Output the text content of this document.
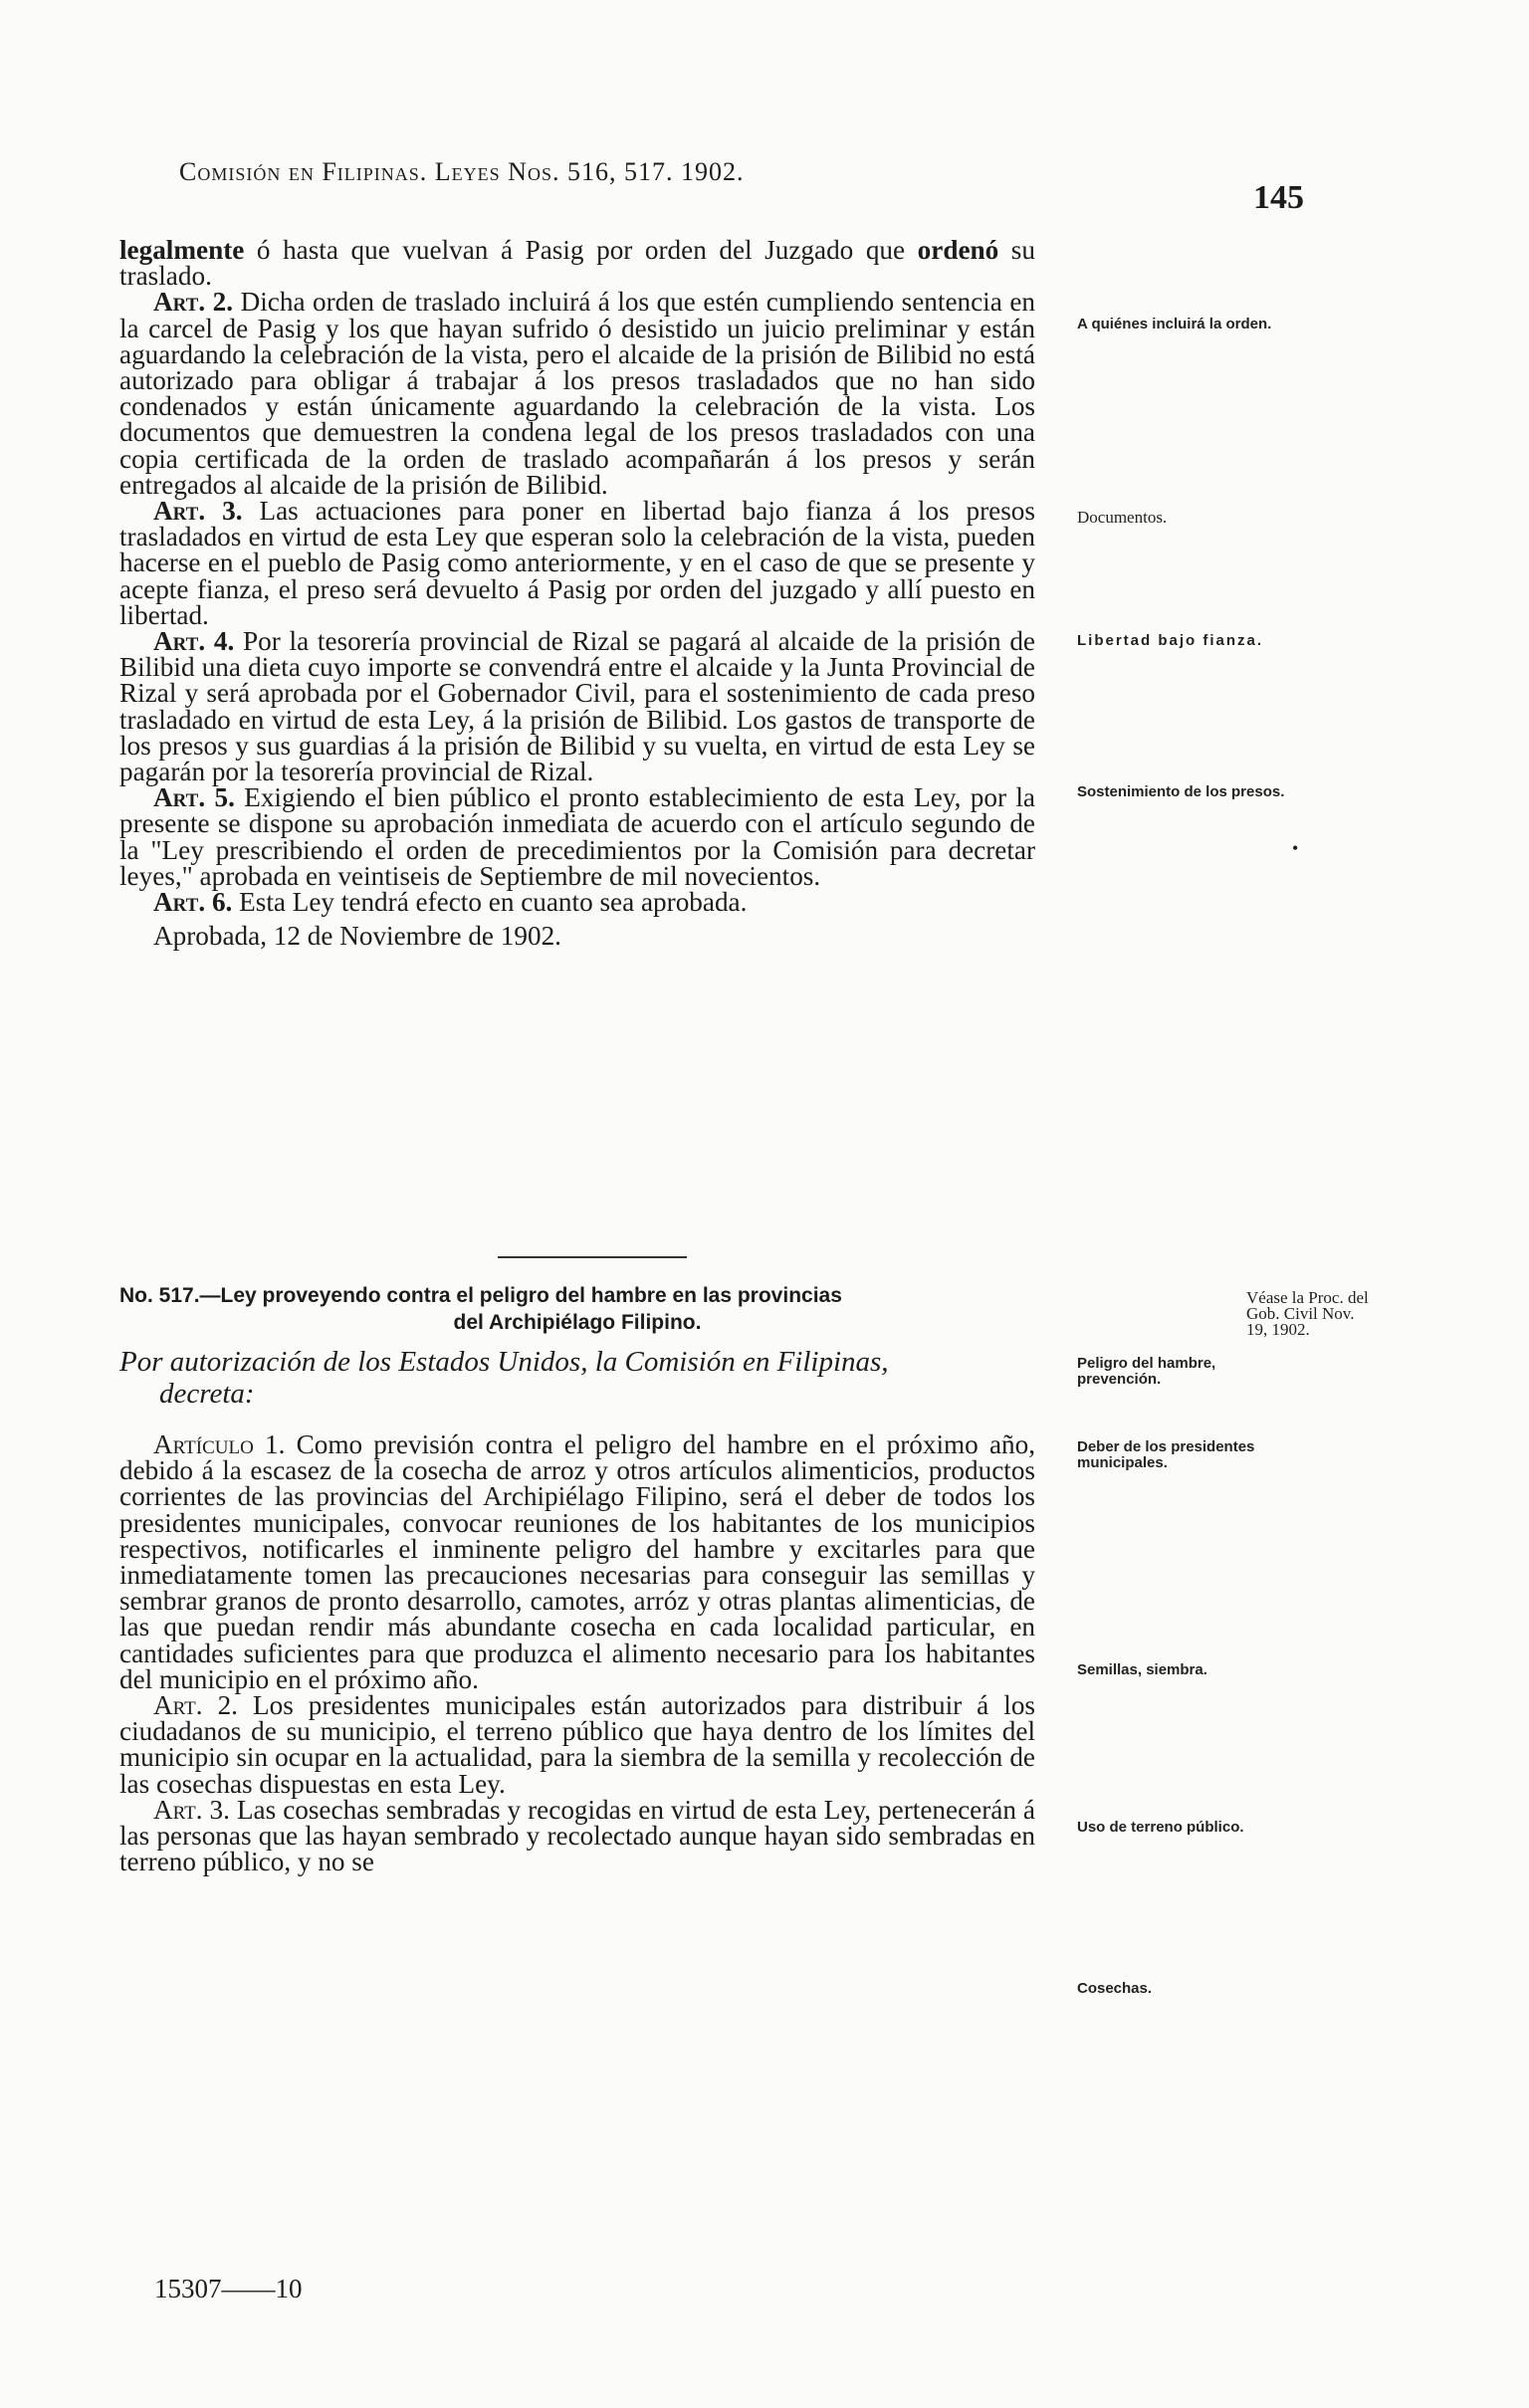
Comisión en Filipinas. Leyes Nos. 516, 517. 1902.
145

legalmente ó hasta que vuelvan á Pasig por orden del Juzgado que ordenó su traslado.

Art. 2. Dicha orden de traslado incluirá á los que estén cumpliendo sentencia en la carcel de Pasig y los que hayan sufrido ó desistido un juicio preliminar y están aguardando la celebración de la vista, pero el alcaide de la prisión de Bilibid no está autorizado para obligar á trabajar á los presos trasladados que no han sido condenados y están únicamente aguardando la celebración de la vista. Los documentos que demuestren la condena legal de los presos trasladados con una copia certificada de la orden de traslado acompañarán á los presos y serán entregados al alcaide de la prisión de Bilibid.

Art. 3. Las actuaciones para poner en libertad bajo fianza á los presos trasladados en virtud de esta Ley que esperan solo la celebración de la vista, pueden hacerse en el pueblo de Pasig como anteriormente, y en el caso de que se presente y acepte fianza, el preso será devuelto á Pasig por orden del juzgado y allí puesto en libertad.

Art. 4. Por la tesorería provincial de Rizal se pagará al alcaide de la prisión de Bilibid una dieta cuyo importe se convendrá entre el alcaide y la Junta Provincial de Rizal y será aprobada por el Gobernador Civil, para el sostenimiento de cada preso trasladado en virtud de esta Ley, á la prisión de Bilibid. Los gastos de transporte de los presos y sus guardias á la prisión de Bilibid y su vuelta, en virtud de esta Ley se pagarán por la tesorería provincial de Rizal.

Art. 5. Exigiendo el bien público el pronto establecimiento de esta Ley, por la presente se dispone su aprobación inmediata de acuerdo con el artículo segundo de la "Ley prescribiendo el orden de precedimientos por la Comisión para decretar leyes," aprobada en veintiseis de Septiembre de mil novecientos.

Art. 6. Esta Ley tendrá efecto en cuanto sea aprobada.

Aprobada, 12 de Noviembre de 1902.

No. 517.—Ley proveyendo contra el peligro del hambre en las provincias
del Archipiélago Filipino.
Por autorización de los Estados Unidos, la Comisión en Filipinas,
decreta:

Artículo 1. Como previsión contra el peligro del hambre en el próximo año, debido á la escasez de la cosecha de arroz y otros artículos alimenticios, productos corrientes de las provincias del Archipiélago Filipino, será el deber de todos los presidentes municipales, convocar reuniones de los habitantes de los municipios respectivos, notificarles el inminente peligro del hambre y excitarles para que inmediatamente tomen las precauciones necesarias para conseguir las semillas y sembrar granos de pronto desarrollo, camotes, arróz y otras plantas alimenticias, de las que puedan rendir más abundante cosecha en cada localidad particular, en cantidades suficientes para que produzca el alimento necesario para los habitantes del municipio en el próximo año.

Art. 2. Los presidentes municipales están autorizados para distribuir á los ciudadanos de su municipio, el terreno público que haya dentro de los límites del municipio sin ocupar en la actualidad, para la siembra de la semilla y recolección de las cosechas dispuestas en esta Ley.

Art. 3. Las cosechas sembradas y recogidas en virtud de esta Ley, pertenecerán á las personas que las hayan sembrado y recolectado aunque hayan sido sembradas en terreno público, y no se

A quiénes incluirá la orden.
Documentos.
Libertad bajo fianza.
Sostenimiento de los presos.
•
Véase la Proc. del Gob. Civil Nov. 19, 1902.
Peligro del hambre, prevención.
Deber de los presidentes municipales.
Semillas, siembra.
Uso de terreno público.
Cosechas.
15307——10
